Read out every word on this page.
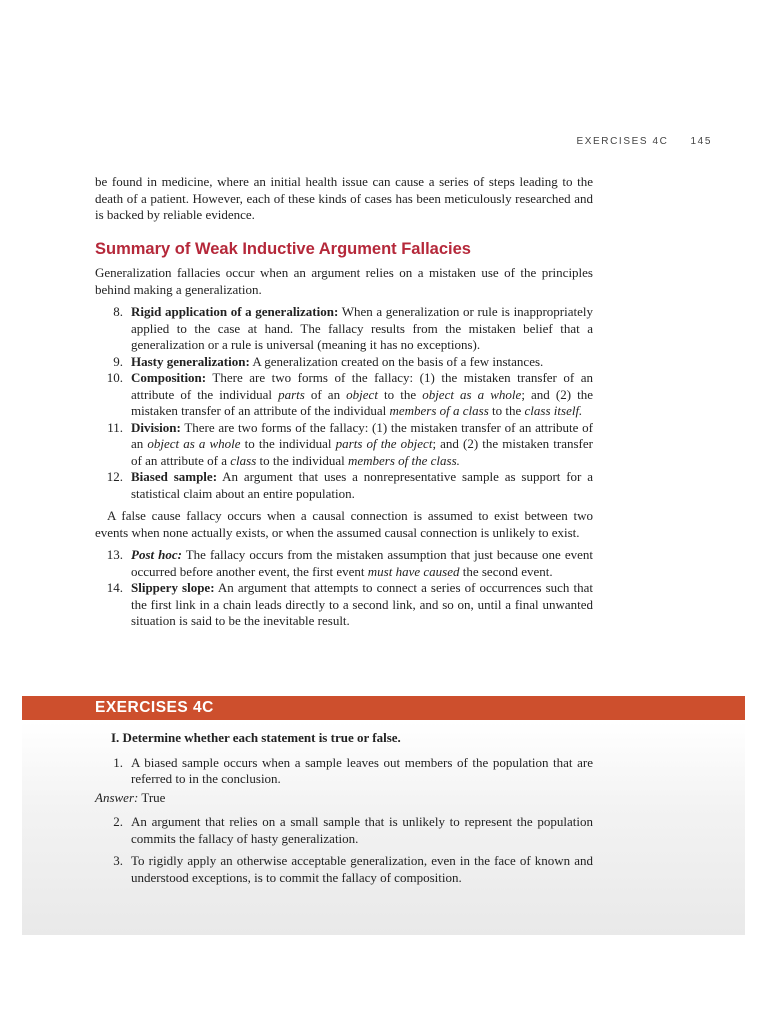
EXERCISES 4C 145

be found in medicine, where an initial health issue can cause a series of steps leading to the death of a patient. However, each of these kinds of cases has been meticulously researched and is backed by reliable evidence.

Summary of Weak Inductive Argument Fallacies

Generalization fallacies occur when an argument relies on a mistaken use of the principles behind making a generalization.

8. Rigid application of a generalization: When a generalization or rule is inappropriately applied to the case at hand. The fallacy results from the mistaken belief that a generalization or a rule is universal (meaning it has no exceptions).
9. Hasty generalization: A generalization created on the basis of a few instances.
10. Composition: There are two forms of the fallacy: (1) the mistaken transfer of an attribute of the individual parts of an object to the object as a whole; and (2) the mistaken transfer of an attribute of the individual members of a class to the class itself.
11. Division: There are two forms of the fallacy: (1) the mistaken transfer of an attribute of an object as a whole to the individual parts of the object; and (2) the mistaken transfer of an attribute of a class to the individual members of the class.
12. Biased sample: An argument that uses a nonrepresentative sample as support for a statistical claim about an entire population.

A false cause fallacy occurs when a causal connection is assumed to exist between two events when none actually exists, or when the assumed causal connection is unlikely to exist.

13. Post hoc: The fallacy occurs from the mistaken assumption that just because one event occurred before another event, the first event must have caused the second event.
14. Slippery slope: An argument that attempts to connect a series of occurrences such that the first link in a chain leads directly to a second link, and so on, until a final unwanted situation is said to be the inevitable result.
EXERCISES 4C
I. Determine whether each statement is true or false.
1. A biased sample occurs when a sample leaves out members of the population that are referred to in the conclusion.

Answer: True

2. An argument that relies on a small sample that is unlikely to represent the population commits the fallacy of hasty generalization.
3. To rigidly apply an otherwise acceptable generalization, even in the face of known and understood exceptions, is to commit the fallacy of composition.
